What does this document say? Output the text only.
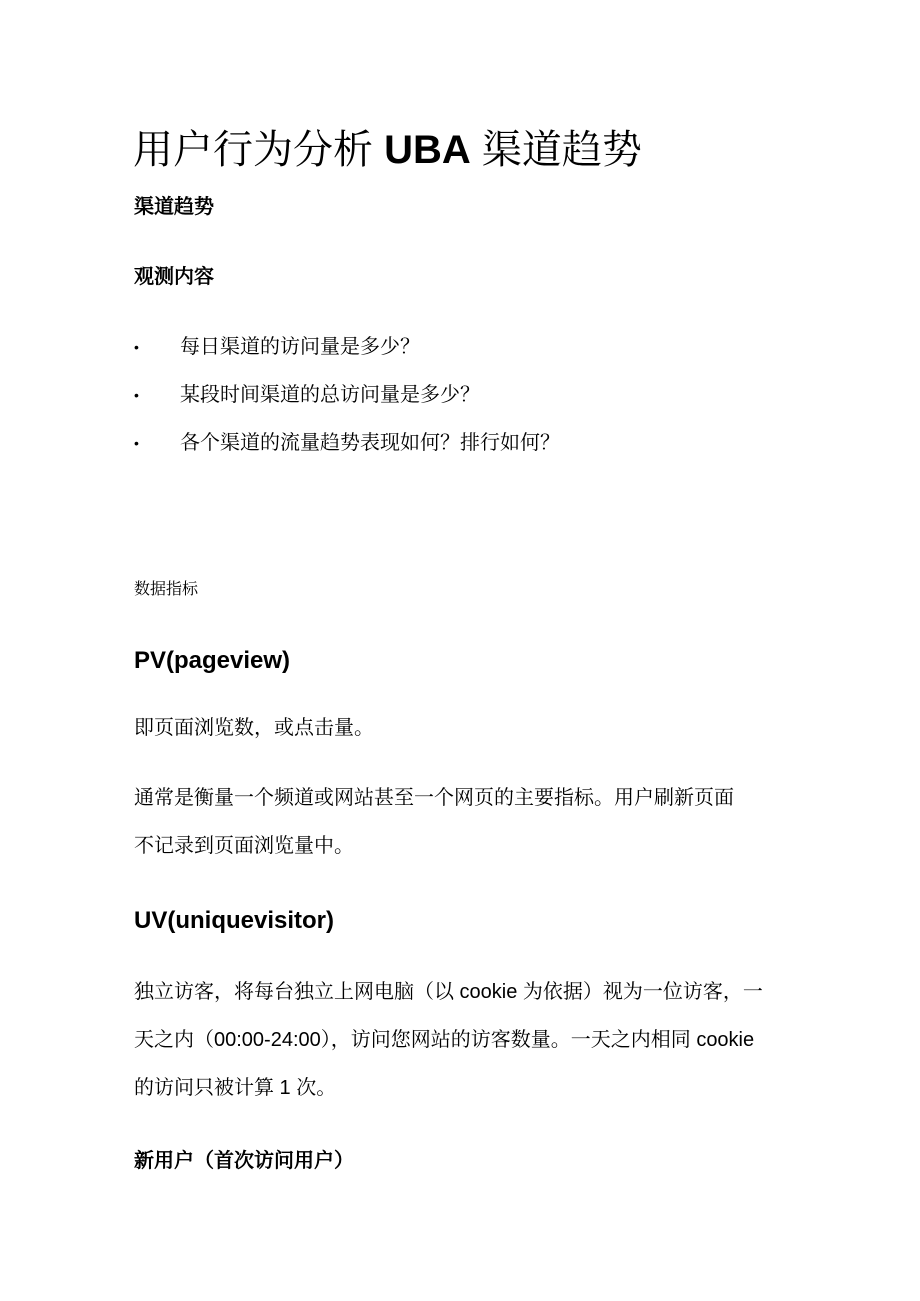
用户行为分析 UBA 渠道趋势
渠道趋势
观测内容
• 每日渠道的访问量是多少？
• 某段时间渠道的总访问量是多少？
• 各个渠道的流量趋势表现如何？排行如何？

数据指标

PV(pageview)

即页面浏览数，或点击量。

通常是衡量一个频道或网站甚至一个网页的主要指标。用户刷新页面
不记录到页面浏览量中。

UV(uniquevisitor)

独立访客，将每台独立上网电脑（以 cookie 为依据）视为一位访客，一
天之内（00:00-24:00），访问您网站的访客数量。一天之内相同 cookie
的访问只被计算 1 次。

新用户（首次访问用户）
